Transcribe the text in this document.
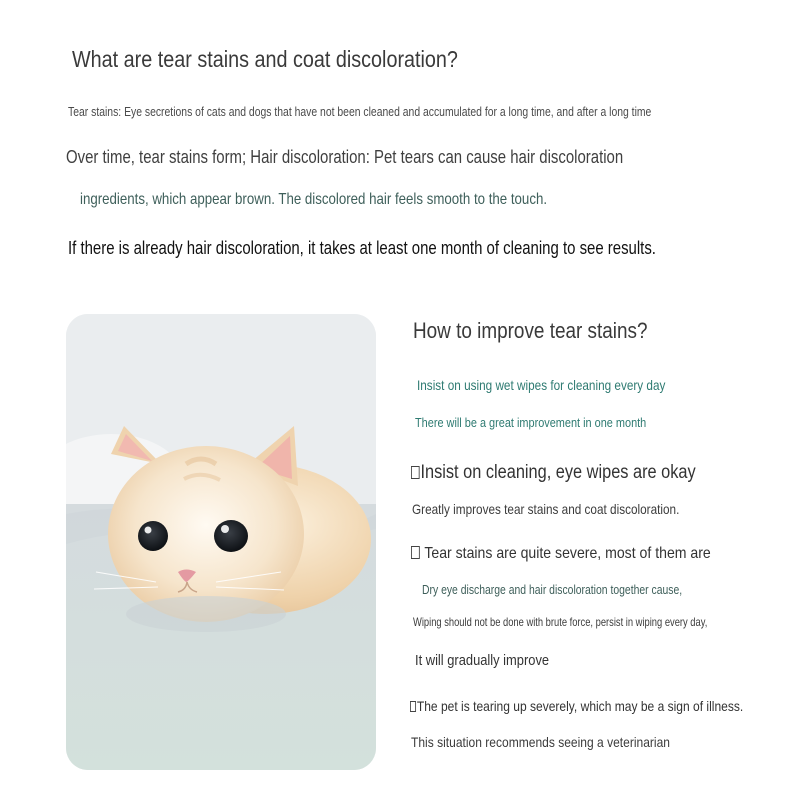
What are tear stains and coat discoloration?
Tear stains: Eye secretions of cats and dogs that have not been cleaned and accumulated for a long time, and after a long time
Over time, tear stains form; Hair discoloration: Pet tears can cause hair discoloration
ingredients, which appear brown. The discolored hair feels smooth to the touch.
If there is already hair discoloration, it takes at least one month of cleaning to see results.
How to improve tear stains?
Insist on using wet wipes for cleaning every day
There will be a great improvement in one month
Insist on cleaning, eye wipes are okay
Greatly improves tear stains and coat discoloration.
Tear stains are quite severe, most of them are
Dry eye discharge and hair discoloration together cause,
Wiping should not be done with brute force, persist in wiping every day,
It will gradually improve
The pet is tearing up severely, which may be a sign of illness.
This situation recommends seeing a veterinarian
